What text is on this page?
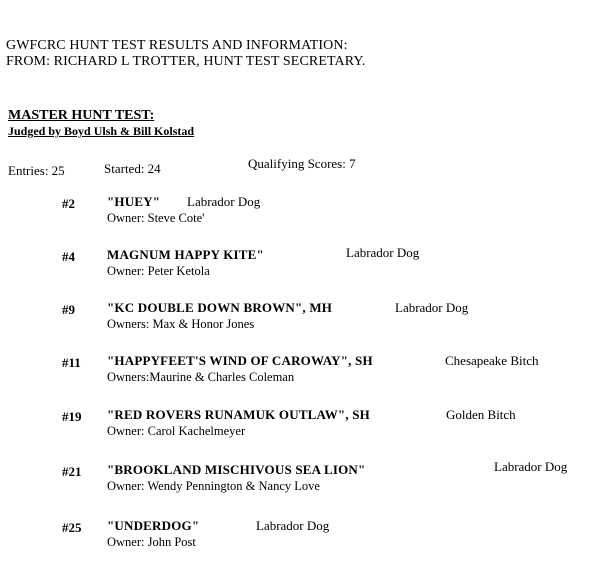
GWFCRC HUNT TEST RESULTS AND INFORMATION:
FROM: RICHARD L TROTTER, HUNT TEST SECRETARY.
MASTER HUNT TEST:
Judged by Boyd Ulsh & Bill Kolstad
Entries: 25	Started: 24	Qualifying Scores: 7
#2 "HUEY" Labrador Dog
Owner: Steve Cote'
#4 MAGNUM HAPPY KITE"	Labrador Dog
Owner: Peter Ketola
#9 "KC DOUBLE DOWN BROWN", MH	Labrador Dog
Owners: Max & Honor Jones
#11 "HAPPYFEET'S WIND OF CAROWAY", SH	Chesapeake Bitch
Owners:Maurine & Charles Coleman
#19 "RED ROVERS RUNAMUK OUTLAW", SH	Golden Bitch
Owner: Carol Kachelmeyer
#21 "BROOKLAND MISCHIVOUS SEA LION"	Labrador Dog
Owner: Wendy Pennington & Nancy Love
#25 "UNDERDOG"	Labrador Dog
Owner: John Post
